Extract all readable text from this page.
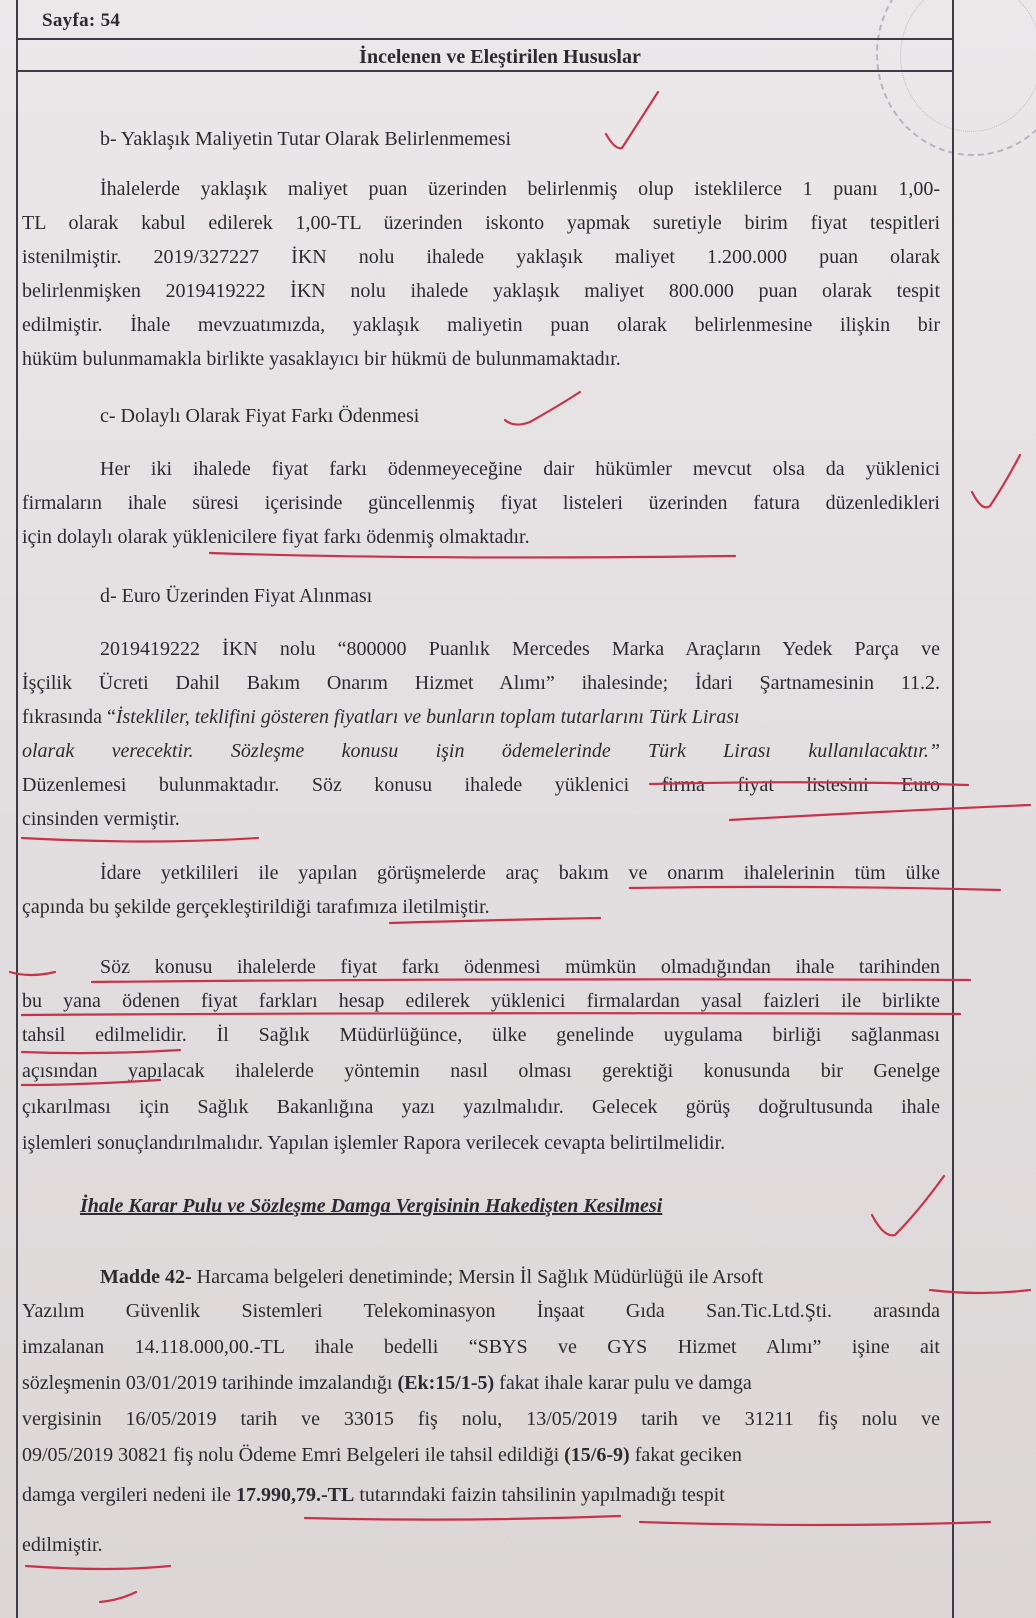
Sayfa: 54
İncelenen ve Eleştirilen Hususlar
b- Yaklaşık Maliyetin Tutar Olarak Belirlenmemesi
İhalelerde yaklaşık maliyet puan üzerinden belirlenmiş olup isteklilerce 1 puanı 1,00-
TL olarak kabul edilerek 1,00-TL üzerinden iskonto yapmak suretiyle birim fiyat tespitleri
istenilmiştir. 2019/327227 İKN nolu ihalede yaklaşık maliyet 1.200.000 puan olarak
belirlenmişken 2019419222 İKN nolu ihalede yaklaşık maliyet 800.000 puan olarak tespit
edilmiştir. İhale mevzuatımızda, yaklaşık maliyetin puan olarak belirlenmesine ilişkin bir
hüküm bulunmamakla birlikte yasaklayıcı bir hükmü de bulunmamaktadır.
c- Dolaylı Olarak Fiyat Farkı Ödenmesi
Her iki ihalede fiyat farkı ödenmeyeceğine dair hükümler mevcut olsa da yüklenici
firmaların ihale süresi içerisinde güncellenmiş fiyat listeleri üzerinden fatura düzenledikleri
için dolaylı olarak yüklenicilere fiyat farkı ödenmiş olmaktadır.
d- Euro Üzerinden Fiyat Alınması
2019419222 İKN nolu “800000 Puanlık Mercedes Marka Araçların Yedek Parça ve
İşçilik Ücreti Dahil Bakım Onarım Hizmet Alımı” ihalesinde; İdari Şartnamesinin 11.2.
fıkrasında “İstekliler, teklifini gösteren fiyatları ve bunların toplam tutarlarını Türk Lirası
olarak verecektir. Sözleşme konusu işin ödemelerinde Türk Lirası kullanılacaktır.”
Düzenlemesi bulunmaktadır. Söz konusu ihalede yüklenici firma fiyat listesini Euro
cinsinden vermiştir.
İdare yetkilileri ile yapılan görüşmelerde araç bakım ve onarım ihalelerinin tüm ülke
çapında bu şekilde gerçekleştirildiği tarafımıza iletilmiştir.
Söz konusu ihalelerde fiyat farkı ödenmesi mümkün olmadığından ihale tarihinden
bu yana ödenen fiyat farkları hesap edilerek yüklenici firmalardan yasal faizleri ile birlikte
tahsil edilmelidir. İl Sağlık Müdürlüğünce, ülke genelinde uygulama birliği sağlanması
açısından yapılacak ihalelerde yöntemin nasıl olması gerektiği konusunda bir Genelge
çıkarılması için Sağlık Bakanlığına yazı yazılmalıdır. Gelecek görüş doğrultusunda ihale
işlemleri sonuçlandırılmalıdır. Yapılan işlemler Rapora verilecek cevapta belirtilmelidir.
İhale Karar Pulu ve Sözleşme Damga Vergisinin Hakedişten Kesilmesi
Madde 42- Harcama belgeleri denetiminde; Mersin İl Sağlık Müdürlüğü ile Arsoft
Yazılım Güvenlik Sistemleri Telekominasyon İnşaat Gıda San.Tic.Ltd.Şti. arasında
imzalanan 14.118.000,00.-TL ihale bedelli “SBYS ve GYS Hizmet Alımı” işine ait
sözleşmenin 03/01/2019 tarihinde imzalandığı (Ek:15/1-5) fakat ihale karar pulu ve damga
vergisinin 16/05/2019 tarih ve 33015 fiş nolu, 13/05/2019 tarih ve 31211 fiş nolu ve
09/05/2019 30821 fiş nolu Ödeme Emri Belgeleri ile tahsil edildiği (15/6-9) fakat geciken
damga vergileri nedeni ile 17.990,79.-TL tutarındaki faizin tahsilinin yapılmadığı tespit
edilmiştir.
